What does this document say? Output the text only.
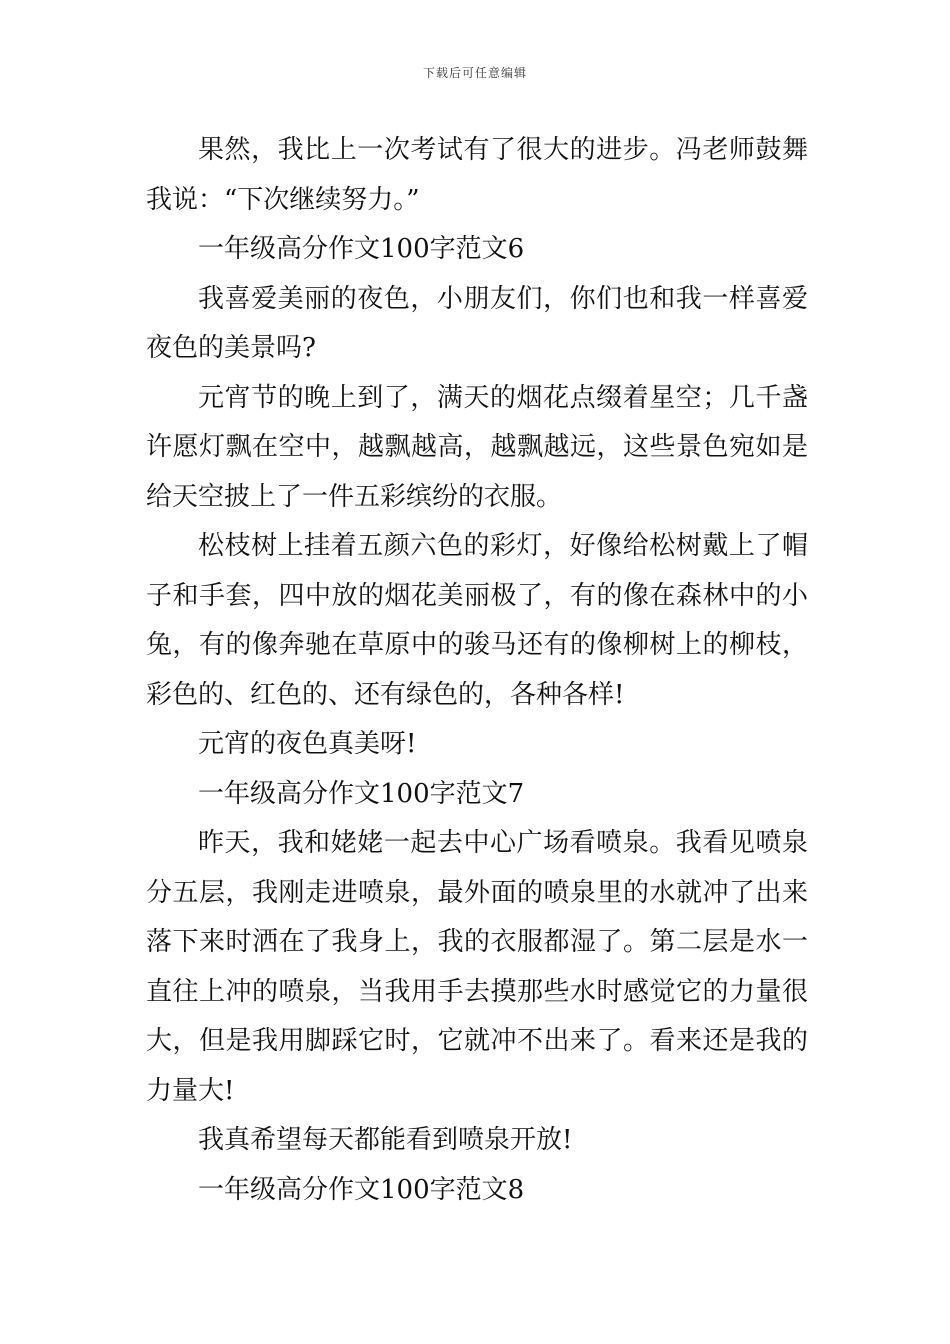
下载后可任意编辑

果然，我比上一次考试有了很大的进步。冯老师鼓舞我说：“下次继续努力。”

一年级高分作文100字范文6

我喜爱美丽的夜色，小朋友们，你们也和我一样喜爱夜色的美景吗?

元宵节的晚上到了，满天的烟花点缀着星空；几千盏许愿灯飘在空中，越飘越高，越飘越远，这些景色宛如是给天空披上了一件五彩缤纷的衣服。

松枝树上挂着五颜六色的彩灯，好像给松树戴上了帽子和手套，四中放的烟花美丽极了，有的像在森林中的小兔，有的像奔驰在草原中的骏马还有的像柳树上的柳枝，彩色的、红色的、还有绿色的，各种各样!

元宵的夜色真美呀!

一年级高分作文100字范文7

昨天，我和姥姥一起去中心广场看喷泉。我看见喷泉分五层，我刚走进喷泉，最外面的喷泉里的水就冲了出来落下来时洒在了我身上，我的衣服都湿了。第二层是水一直往上冲的喷泉，当我用手去摸那些水时感觉它的力量很大，但是我用脚踩它时，它就冲不出来了。看来还是我的力量大!

我真希望每天都能看到喷泉开放!

一年级高分作文100字范文8
